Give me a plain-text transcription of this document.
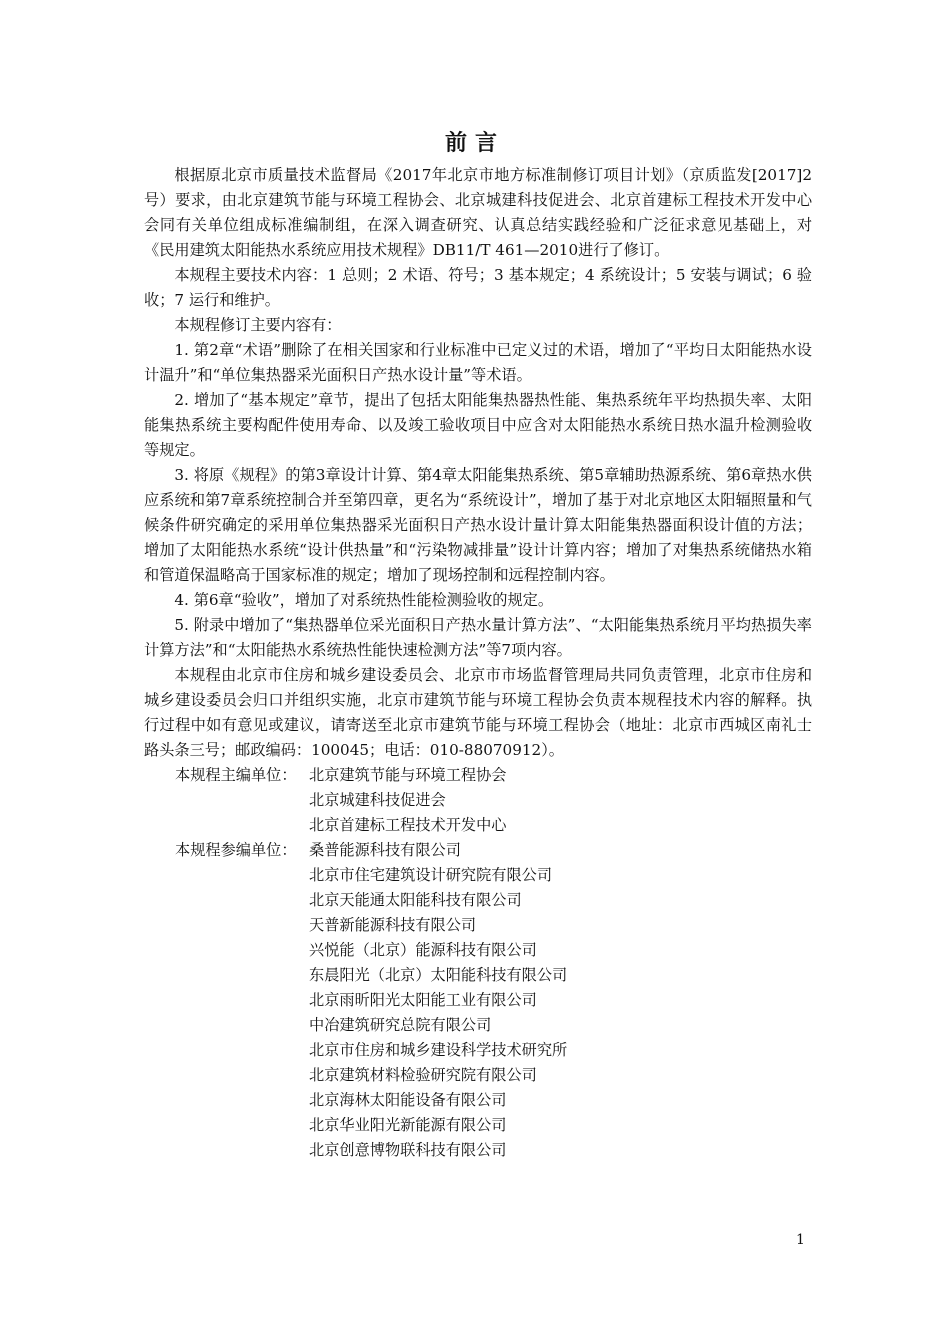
前言

根据原北京市质量技术监督局《2017年北京市地方标准制修订项目计划》（京质监发[2017]2号）要求，由北京建筑节能与环境工程协会、北京城建科技促进会、北京首建标工程技术开发中心会同有关单位组成标准编制组，在深入调查研究、认真总结实践经验和广泛征求意见基础上，对《民用建筑太阳能热水系统应用技术规程》DB11/T 461—2010进行了修订。

本规程主要技术内容：1 总则；2 术语、符号；3 基本规定；4 系统设计；5 安装与调试；6 验收；7 运行和维护。

本规程修订主要内容有：

1. 第2章“术语”删除了在相关国家和行业标准中已定义过的术语，增加了“平均日太阳能热水设计温升”和“单位集热器采光面积日产热水设计量”等术语。

2. 增加了“基本规定”章节，提出了包括太阳能集热器热性能、集热系统年平均热损失率、太阳能集热系统主要构配件使用寿命、以及竣工验收项目中应含对太阳能热水系统日热水温升检测验收等规定。

3. 将原《规程》的第3章设计计算、第4章太阳能集热系统、第5章辅助热源系统、第6章热水供应系统和第7章系统控制合并至第四章，更名为“系统设计”，增加了基于对北京地区太阳辐照量和气候条件研究确定的采用单位集热器采光面积日产热水设计量计算太阳能集热器面积设计值的方法；增加了太阳能热水系统“设计供热量”和“污染物减排量”设计计算内容；增加了对集热系统储热水箱和管道保温略高于国家标准的规定；增加了现场控制和远程控制内容。

4. 第6章“验收”，增加了对系统热性能检测验收的规定。

5. 附录中增加了“集热器单位采光面积日产热水量计算方法”、“太阳能集热系统月平均热损失率计算方法”和“太阳能热水系统热性能快速检测方法”等7项内容。

本规程由北京市住房和城乡建设委员会、北京市市场监督管理局共同负责管理，北京市住房和城乡建设委员会归口并组织实施，北京市建筑节能与环境工程协会负责本规程技术内容的解释。执行过程中如有意见或建议，请寄送至北京市建筑节能与环境工程协会（地址：北京市西城区南礼士路头条三号；邮政编码：100045；电话：010-88070912）。

本规程主编单位： 北京建筑节能与环境工程协会
北京城建科技促进会
北京首建标工程技术开发中心
本规程参编单位： 桑普能源科技有限公司
北京市住宅建筑设计研究院有限公司
北京天能通太阳能科技有限公司
天普新能源科技有限公司
兴悦能（北京）能源科技有限公司
东晨阳光（北京）太阳能科技有限公司
北京雨昕阳光太阳能工业有限公司
中冶建筑研究总院有限公司
北京市住房和城乡建设科学技术研究所
北京建筑材料检验研究院有限公司
北京海林太阳能设备有限公司
北京华业阳光新能源有限公司
北京创意博物联科技有限公司
1
